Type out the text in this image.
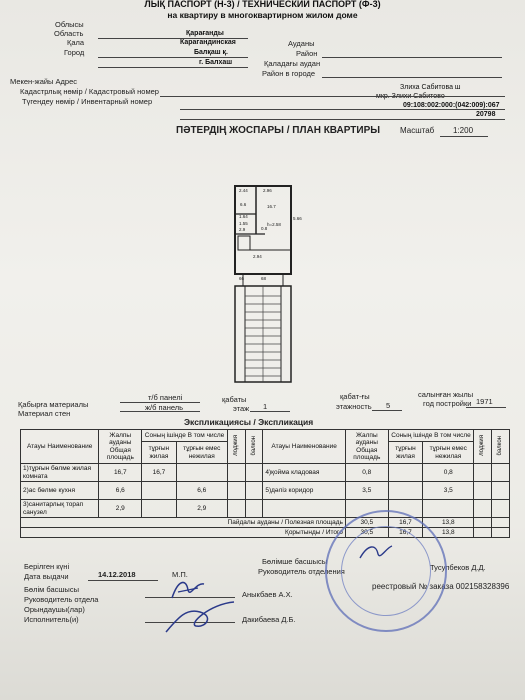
ЛЫҚ ПАСПОРТ (Н-3) / ТЕХНИЧЕСКИЙ ПАСПОРТ (Ф-3)
на квартиру в многоквартирном жилом доме
Облысы
Область	Қарағанды
Қала	Карагандинская
Город	Балқаш қ.
г. Балхаш
Ауданы
Район
Қаладағы аудан
Район в городе
Мекен-жайы Адрес
Злиха Сабитова ш
Кадастрлық нөмір / Кадастровый номер
мкр. Злихи Сабитово
Түгендеу нөмір / Инвентарный номер	09:108:002:000:(042:009):067
20798
ПӘТЕРДІҢ ЖОСПАРЫ / ПЛАН КВАРТИРЫ Масштаб 1:200
2.44	2.96
6.6	16.7
1.64
1.55
2.9	0.8
2.94
5.66
h=2.58
66	68
Қабырға материалы
Материал стен
т/б панелі
ж/б панель
қабаты
этаж 1
қабат-ғы
этажность 5
салынған жылы
год постройки 1971
Экспликациясы / Экспликация
Атауы Наименование	Жалпы ауданы Общая площадь	Соның ішінде В том числе		лоджия	балкон	Атауы Наименование	Жалпы ауданы Общая площадь	Соның ішінде В том числе		лоджия	балкон
		тұрғын жилая	тұрғын емес нежилая					тұрғын жилая	тұрғын емес нежилая		
1)тұрғын бөлме жилая комната	16,7	16,7				4)қойма кладовая	0,8		0,8		
2)ас бөлме кухня	6,6		6,6			5)дәліз коридор	3,5		3,5		
3)санитарлық торап санузел	2,9		2,9								
Пайдалы ауданы / Полезная площадь							30,5	16,7	13,8		
Қорытынды / Итого							30,5	16,7	13,8		
Берілген күні
Дата выдачи	14.12.2018	М.П.
Бөлім басшысы
Руководитель отдела
Аныкбаев А.Х.
Орындаушы(лар)
Исполнитель(и)	Дакибаева Д.Б.
Бөлімше басшысы
Руководитель отделения	Тусупбеков Д.Д.
реестровый № заказа 002158328396
